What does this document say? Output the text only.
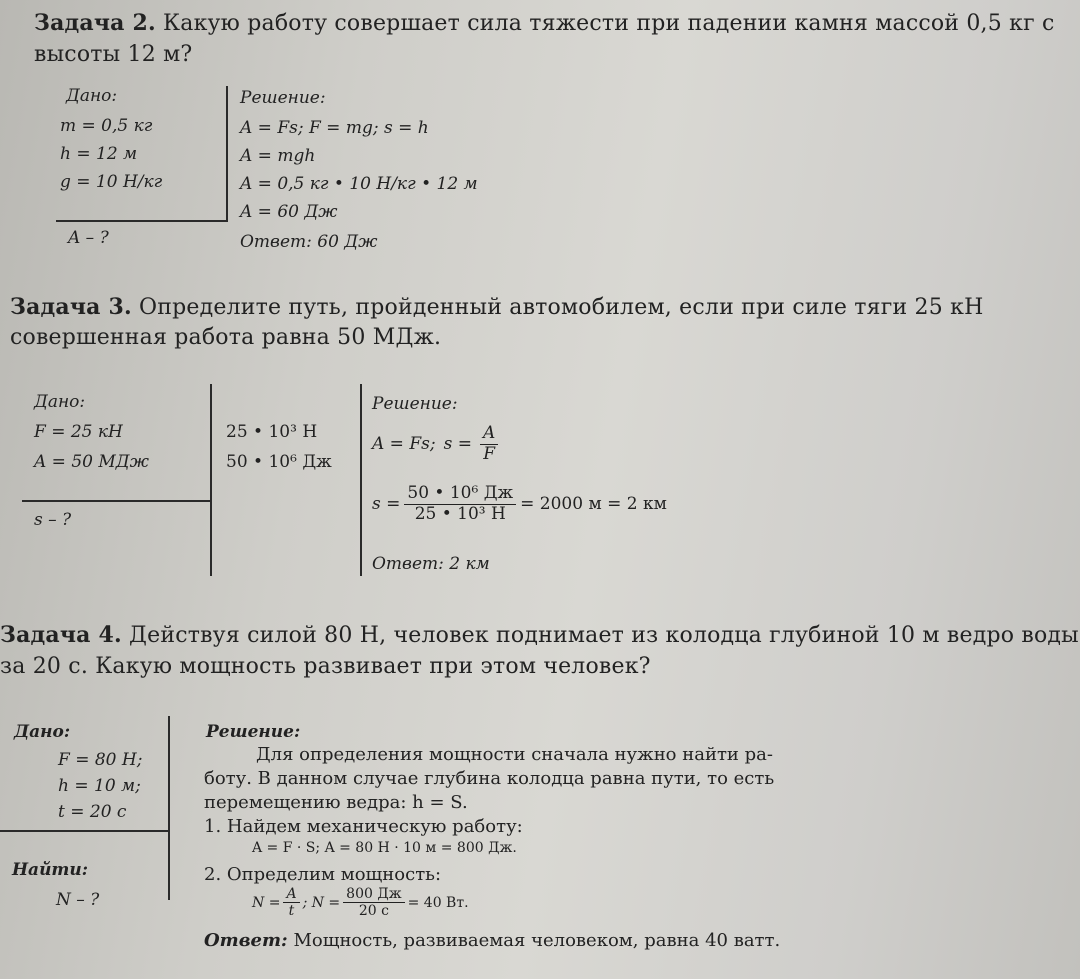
Задача 2. Какую работу совершает сила тяжести при падении камня массой 0,5 кг с
высоты 12 м?
Дано:
m = 0,5 кг
h = 12 м
g = 10 Н/кг
A – ?
Решение:
A = Fs; F = mg; s = h
A = mgh
A = 0,5 кг • 10 Н/кг • 12 м
A = 60 Дж
Ответ: 60 Дж
Задача 3. Определите путь, пройденный автомобилем, если при силе тяги 25 кН
совершенная работа равна 50 МДж.
Дано:
F = 25 кН
A = 50 МДж
s – ?
25 • 10³ Н
50 • 10⁶ Дж
Решение:
A = Fs; $s = \frac{A}{F}$
$s = \frac{\text{50 • 10⁶ Дж}}{\text{25 • 10³ Н}} = 2000$ м = 2 км
Ответ: 2 км
Задача 4. Действуя силой 80 Н, человек поднимает из колодца глубиной 10 м ведро воды
за 20 с. Какую мощность развивает при этом человек?
Дано:
F = 80 Н;
h = 10 м;
t = 20 с
Найти:
N – ?
Решение:
Для определения мощности сначала нужно найти ра-
боту. В данном случае глубина колодца равна пути, то есть
перемещению ведра: h = S.
1. Найдем механическую работу:
A = F · S; A = 80 Н · 10 м = 800 Дж.
2. Определим мощность:
$N = \frac{A}{t}$ ; $N = \frac{800 Дж}{20 с} = 40$ Вт.
Ответ: Мощность, развиваемая человеком, равна 40 ватт.
